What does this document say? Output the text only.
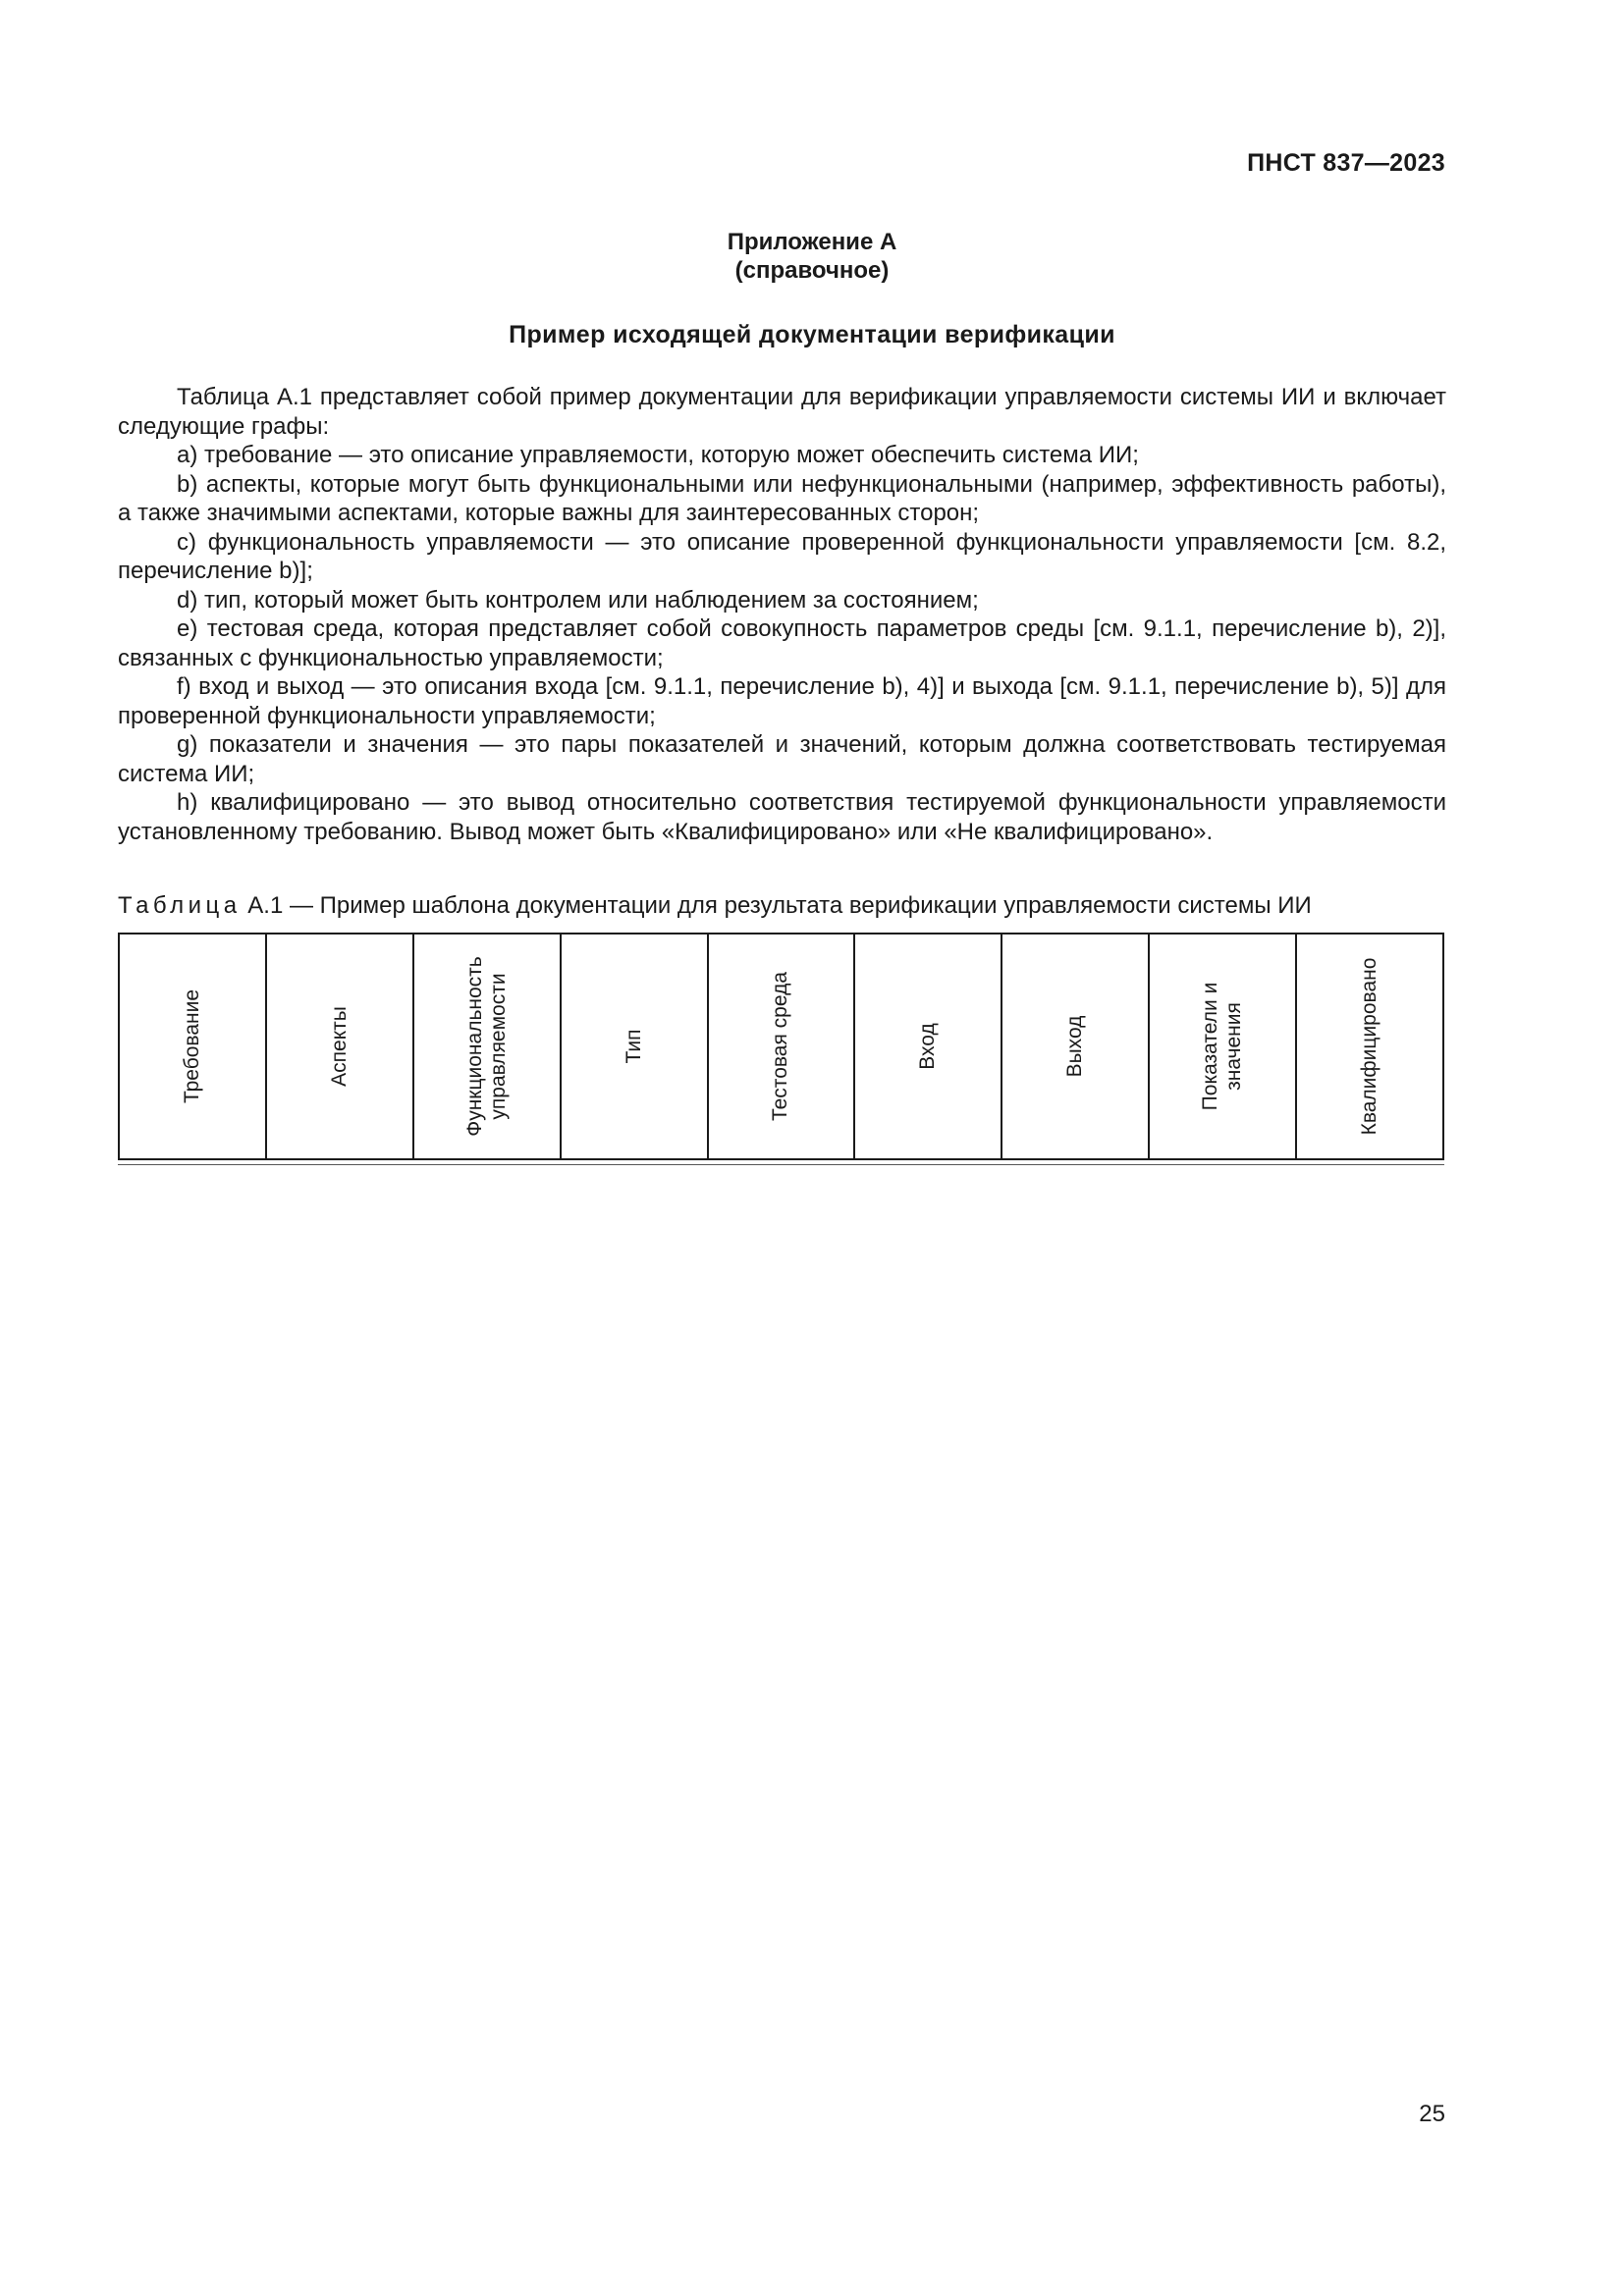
ПНСТ 837—2023
Приложение А
(справочное)
Пример исходящей документации верификации

Таблица А.1 представляет собой пример документации для верификации управляемости системы ИИ и включает следующие графы:

а) требование — это описание управляемости, которую может обеспечить система ИИ;

b) аспекты, которые могут быть функциональными или нефункциональными (например, эффективность работы), а также значимыми аспектами, которые важны для заинтересованных сторон;

c) функциональность управляемости — это описание проверенной функциональности управляемости [см. 8.2, перечисление b)];

d) тип, который может быть контролем или наблюдением за состоянием;

e) тестовая среда, которая представляет собой совокупность параметров среды [см. 9.1.1, перечисление b), 2)], связанных с функциональностью управляемости;

f) вход и выход — это описания входа [см. 9.1.1, перечисление b), 4)] и выхода [см. 9.1.1, перечисление b), 5)] для проверенной функциональности управляемости;

g) показатели и значения — это пары показателей и значений, которым должна соответствовать тестируемая система ИИ;

h) квалифицировано — это вывод относительно соответствия тестируемой функциональности управляемости установленному требованию. Вывод может быть «Квалифицировано» или «Не квалифицировано».

Таблица А.1 — Пример шаблона документации для результата верификации управляемости системы ИИ
Требование	Аспекты	Функциональность управляемости	Тип	Тестовая среда	Вход	Выход	Показатели и значения	Квалифицировано
25
